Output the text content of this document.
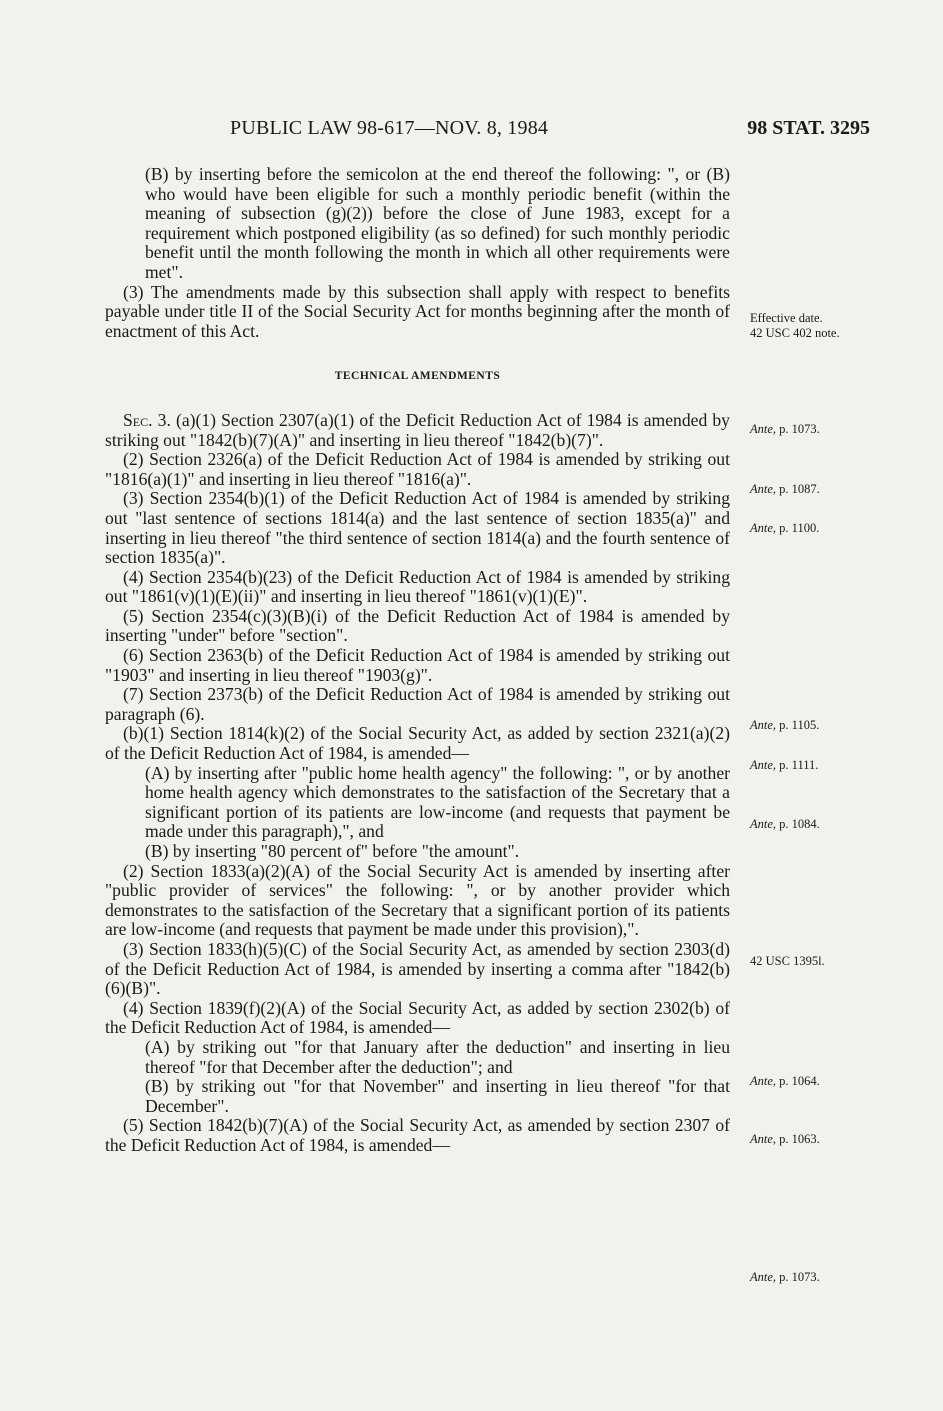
PUBLIC LAW 98-617—NOV. 8, 1984	98 STAT. 3295

(B) by inserting before the semicolon at the end thereof the following: ", or (B) who would have been eligible for such a monthly periodic benefit (within the meaning of subsection (g)(2)) before the close of June 1983, except for a requirement which postponed eligibility (as so defined) for such monthly periodic benefit until the month following the month in which all other requirements were met".

(3) The amendments made by this subsection shall apply with respect to benefits payable under title II of the Social Security Act for months beginning after the month of enactment of this Act.

TECHNICAL AMENDMENTS

Sec. 3. (a)(1) Section 2307(a)(1) of the Deficit Reduction Act of 1984 is amended by striking out "1842(b)(7)(A)" and inserting in lieu thereof "1842(b)(7)".

(2) Section 2326(a) of the Deficit Reduction Act of 1984 is amended by striking out "1816(a)(1)" and inserting in lieu thereof "1816(a)".

(3) Section 2354(b)(1) of the Deficit Reduction Act of 1984 is amended by striking out "last sentence of sections 1814(a) and the last sentence of section 1835(a)" and inserting in lieu thereof "the third sentence of section 1814(a) and the fourth sentence of section 1835(a)".

(4) Section 2354(b)(23) of the Deficit Reduction Act of 1984 is amended by striking out "1861(v)(1)(E)(ii)" and inserting in lieu thereof "1861(v)(1)(E)".

(5) Section 2354(c)(3)(B)(i) of the Deficit Reduction Act of 1984 is amended by inserting "under" before "section".

(6) Section 2363(b) of the Deficit Reduction Act of 1984 is amended by striking out "1903" and inserting in lieu thereof "1903(g)".

(7) Section 2373(b) of the Deficit Reduction Act of 1984 is amended by striking out paragraph (6).

(b)(1) Section 1814(k)(2) of the Social Security Act, as added by section 2321(a)(2) of the Deficit Reduction Act of 1984, is amended—

(A) by inserting after "public home health agency" the following: ", or by another home health agency which demonstrates to the satisfaction of the Secretary that a significant portion of its patients are low-income (and requests that payment be made under this paragraph),", and

(B) by inserting "80 percent of" before "the amount".

(2) Section 1833(a)(2)(A) of the Social Security Act is amended by inserting after "public provider of services" the following: ", or by another provider which demonstrates to the satisfaction of the Secretary that a significant portion of its patients are low-income (and requests that payment be made under this provision),".

(3) Section 1833(h)(5)(C) of the Social Security Act, as amended by section 2303(d) of the Deficit Reduction Act of 1984, is amended by inserting a comma after "1842(b)(6)(B)".

(4) Section 1839(f)(2)(A) of the Social Security Act, as added by section 2302(b) of the Deficit Reduction Act of 1984, is amended—

(A) by striking out "for that January after the deduction" and inserting in lieu thereof "for that December after the deduction"; and

(B) by striking out "for that November" and inserting in lieu thereof "for that December".

(5) Section 1842(b)(7)(A) of the Social Security Act, as amended by section 2307 of the Deficit Reduction Act of 1984, is amended—

Effective date.
42 USC 402 note.
Ante, p. 1073.
Ante, p. 1087.
Ante, p. 1100.
Ante, p. 1105.
Ante, p. 1111.
Ante, p. 1084.
42 USC 1395l.
Ante, p. 1064.
Ante, p. 1063.
Ante, p. 1073.
